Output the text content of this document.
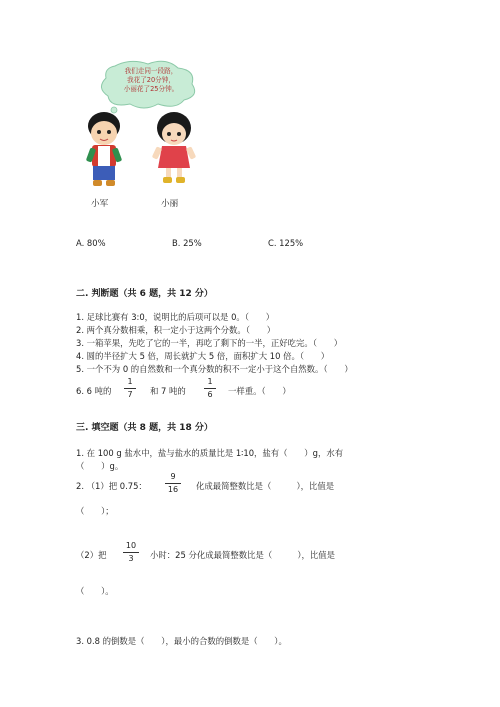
我们走同一段路，
我花了20分钟，
小丽花了25分钟。
小军	小丽
A. 80%	B. 25%	C. 125%
二. 判断题（共 6 题，共 12 分）
1. 足球比赛有 3:0，说明比的后项可以是 0。（　　）
2. 两个真分数相乘，积一定小于这两个分数。（　　）
3. 一箱苹果，先吃了它的一半，再吃了剩下的一半，正好吃完。（　　）
4. 圆的半径扩大 5 倍，周长就扩大 5 倍，面积扩大 10 倍。（　　）
5. 一个不为 0 的自然数和一个真分数的积不一定小于这个自然数。（　　）
6. 6 吨的
1
7	和 7 吨的
1
6	一样重。（　　）
三. 填空题（共 8 题，共 18 分）
1. 在 100 g 盐水中，盐与盐水的质量比是 1∶10，盐有（　　）g，水有
（　　）g。
2. （1）把 0.75：
9
16	化成最简整数比是（　　　），比值是
（　　）；
（2）把
10
3	小时：25 分化成最简整数比是（　　　），比值是
（　　）。
3. 0.8 的倒数是（　　），最小的合数的倒数是（　　）。
